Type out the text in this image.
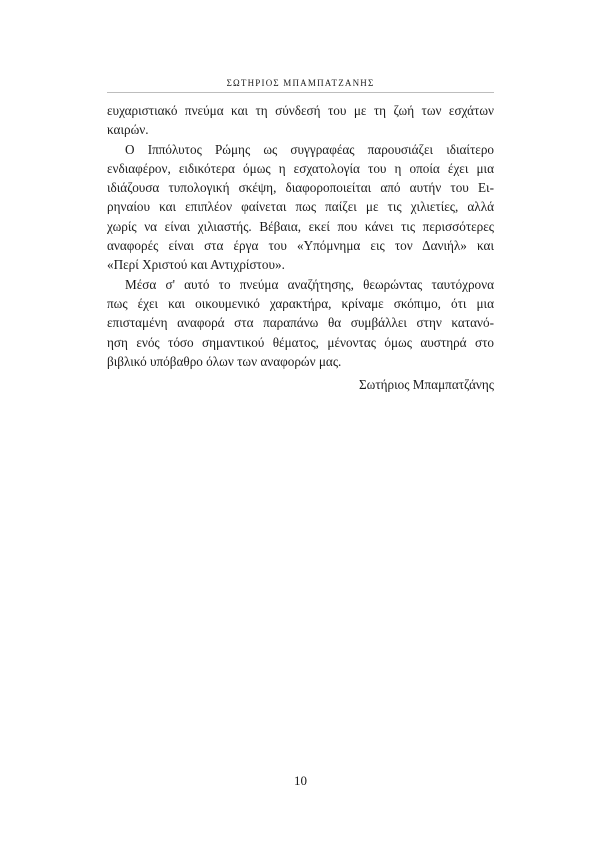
ΣΩΤΗΡΙΟΣ ΜΠΑΜΠΑΤΖΑΝΗΣ
ευχαριστιακό πνεύμα και τη σύνδεσή του με τη ζωή των εσχάτων
καιρών.
Ο Ιππόλυτος Ρώμης ως συγγραφέας παρουσιάζει ιδιαίτερο
ενδιαφέρον, ειδικότερα όμως η εσχατολογία του η οποία έχει μια
ιδιάζουσα τυπολογική σκέψη, διαφοροποιείται από αυτήν του Ει-
ρηναίου και επιπλέον φαίνεται πως παίζει με τις χιλιετίες, αλλά
χωρίς να είναι χιλιαστής. Βέβαια, εκεί που κάνει τις περισσότερες
αναφορές είναι στα έργα του «Υπόμνημα εις τον Δανιήλ» και
«Περί Χριστού και Αντιχρίστου».
Μέσα σ' αυτό το πνεύμα αναζήτησης, θεωρώντας ταυτόχρονα
πως έχει και οικουμενικό χαρακτήρα, κρίναμε σκόπιμο, ότι μια
επισταμένη αναφορά στα παραπάνω θα συμβάλλει στην κατανό-
ηση ενός τόσο σημαντικού θέματος, μένοντας όμως αυστηρά στο
βιβλικό υπόβαθρο όλων των αναφορών μας.
Σωτήριος Μπαμπατζάνης
10
